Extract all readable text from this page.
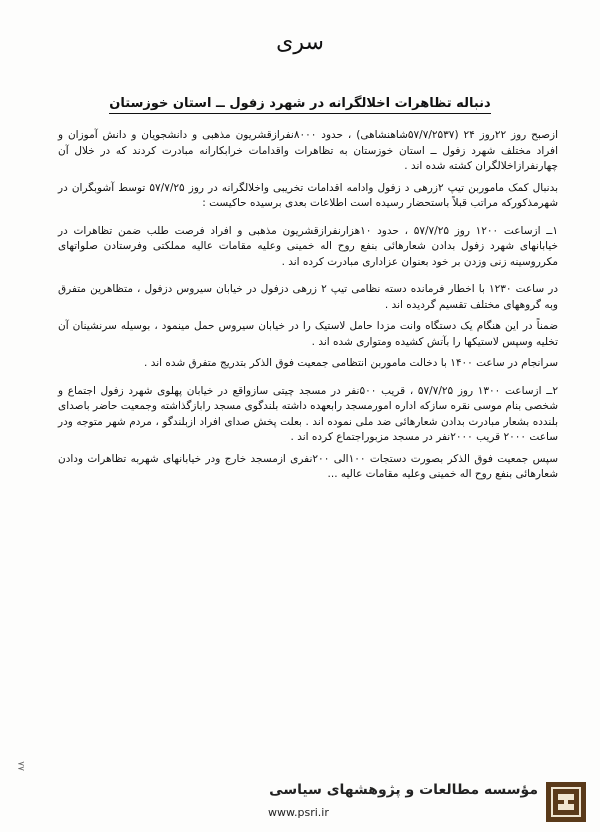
سری
دنباله تظاهرات اخلالگرانه در شهرد زفول ــ استان خوزستان

ازصبح روز ۲۲روز ۲۴ (۵۷/۷/۲۵۳۷شاهنشاهی) ، حدود ۸۰۰۰نفرازقشریون مذهبی و دانشجویان و دانش آموزان و افراد مختلف شهرد زفول ــ استان خوزستان به تظاهرات واقدامات خرابکارانه مبادرت کردند که در خلال آن چهارنفرازاخلالگران کشته شده اند .

بدنبال کمک ماموربن تیپ ۲زرهی د زفول وادامه اقدامات تخریبی واخلالگرانه در روز ۵۷/۷/۲۵ توسط آشوبگران در شهرمذکورکه مراتب قبلاً باستحضار رسیده است اطلاعات بعدی برسیده حاکیست :

۱ــ ازساعت ۱۲۰۰ روز ۵۷/۷/۲۵ ، حدود ۱۰هزارنفرازقشریون مذهبی و افراد فرصت طلب ضمن تظاهرات در خیابانهای شهرد زفول بدادن شعارهائی بنفع روح اله خمینی وعلیه مقامات عالیه مملکتی وفرستادن صلواتهای مکرروسینه زنی وزدن بر خود بعنوان عزاداری مبادرت کرده اند .

در ساعت ۱۲۳۰ با اخطار فرمانده دسته نظامی تیپ ۲ زرهی دزفول در خیابان سیروس دزفول ، متظاهرین متفرق وبه گروههای مختلف تقسیم گردیده اند .

ضمناً در این هنگام یک دستگاه وانت مزدا حامل لاستیک را در خیابان سیروس حمل مینمود ، بوسیله سرنشینان آن تخلیه وسپس لاستیکها را بآتش کشیده ومتواری شده اند .

سرانجام در ساعت ۱۴۰۰ با دخالت ماموربن انتظامی جمعیت فوق الذکر بتدریج متفرق شده اند .

۲ــ ازساعت ۱۳۰۰ روز ۵۷/۷/۲۵ ، قریب ۵۰۰نفر در مسجد چیتی سازواقع در خیابان پهلوی شهرد زفول اجتماع و شخصی بنام موسی نقره سازکه اداره امورمسجد رابعهده داشته بلندگوی مسجد رابازگذاشته وجمعیت حاضر باصدای بلندده بشعار مبادرت بدادن شعارهائی ضد ملی نموده اند . بعلت پخش صدای افراد ازبلندگو ، مردم شهر متوجه ودر ساعت ۲۰۰۰ قریب ۲۰۰۰نفر در مسجد مزبوراجتماع کرده اند .

سپس جمعیت فوق الذکر بصورت دستجات ۱۰۰الی ۲۰۰نفری ازمسجد خارج ودر خیابانهای شهربه تظاهرات ودادن شعارهائی بنفع روح اله خمینی وعلیه مقامات عالیه ...

۸۸
مؤسسه مطالعات و پژوهشهای سیاسی
www.psri.ir
